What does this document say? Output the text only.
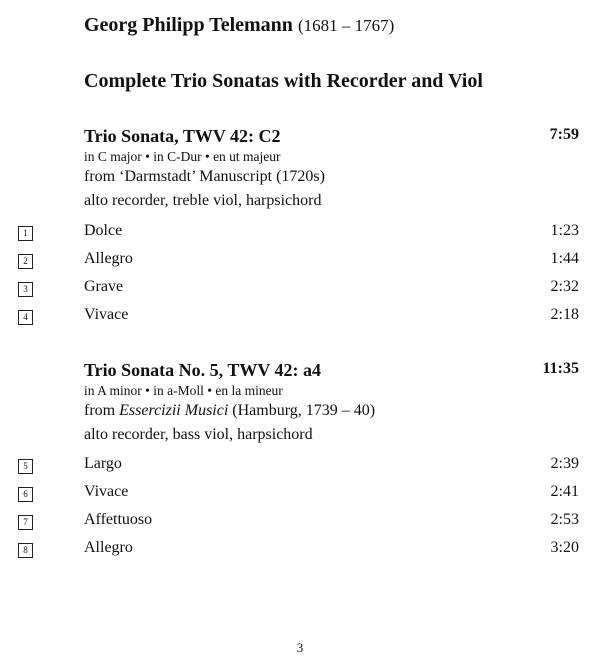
Georg Philipp Telemann (1681 – 1767)
Complete Trio Sonatas with Recorder and Viol
Trio Sonata, TWV 42: C2	7:59
in C major • in C-Dur • en ut majeur
from ‘Darmstadt’ Manuscript (1720s)
alto recorder, treble viol, harpsichord
1	Dolce	1:23
2	Allegro	1:44
3	Grave	2:32
4	Vivace	2:18
Trio Sonata No. 5, TWV 42: a4	11:35
in A minor • in a-Moll • en la mineur
from Essercizii Musici (Hamburg, 1739 – 40)
alto recorder, bass viol, harpsichord
5	Largo	2:39
6	Vivace	2:41
7	Affettuoso	2:53
8	Allegro	3:20
3
